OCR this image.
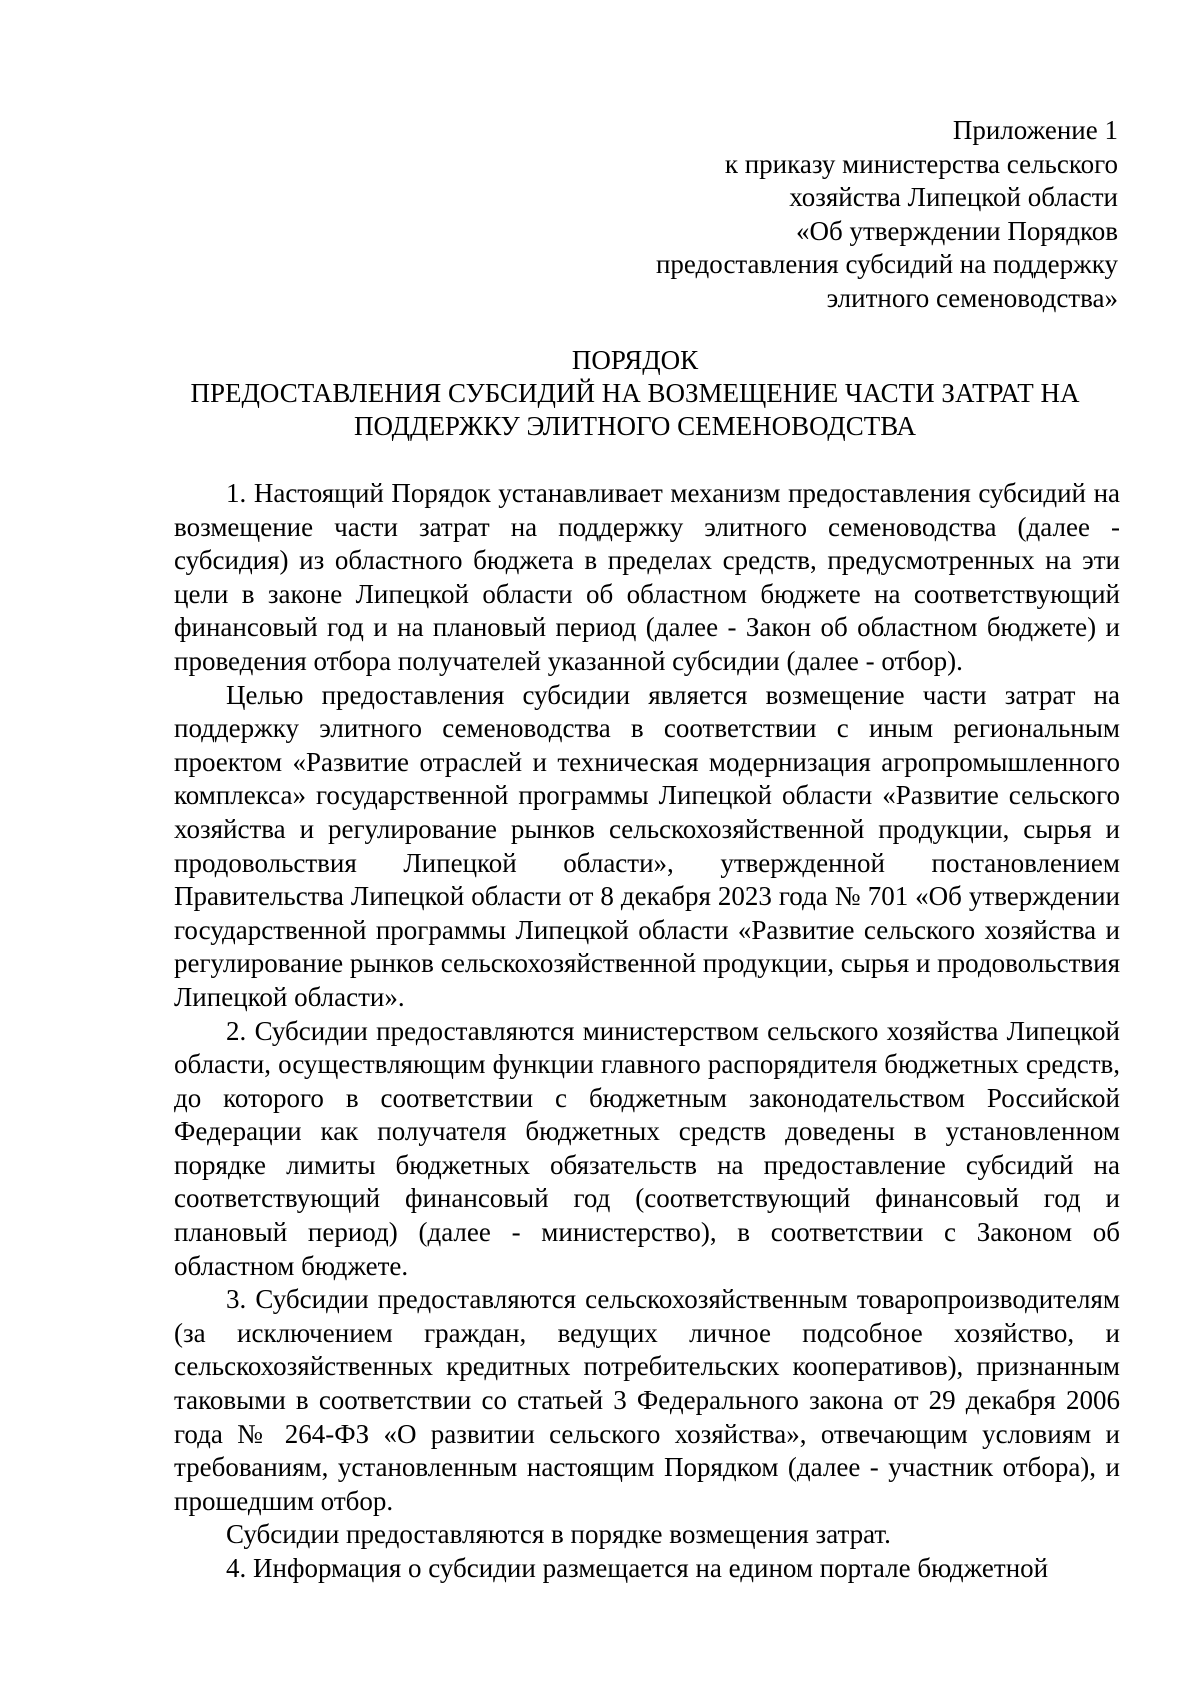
Приложение 1
к приказу министерства сельского
хозяйства Липецкой области
«Об утверждении Порядков
предоставления субсидий на поддержку
элитного семеноводства»
ПОРЯДОК
ПРЕДОСТАВЛЕНИЯ СУБСИДИЙ НА ВОЗМЕЩЕНИЕ ЧАСТИ ЗАТРАТ НА
ПОДДЕРЖКУ ЭЛИТНОГО СЕМЕНОВОДСТВА

1. Настоящий Порядок устанавливает механизм предоставления субсидий на возмещение части затрат на поддержку элитного семеноводства (далее - субсидия) из областного бюджета в пределах средств, предусмотренных на эти цели в законе Липецкой области об областном бюджете на соответствующий финансовый год и на плановый период (далее - Закон об областном бюджете) и проведения отбора получателей указанной субсидии (далее - отбор).

Целью предоставления субсидии является возмещение части затрат на поддержку элитного семеноводства в соответствии с иным региональным проектом «Развитие отраслей и техническая модернизация агропромышленного комплекса» государственной программы Липецкой области «Развитие сельского хозяйства и регулирование рынков сельскохозяйственной продукции, сырья и продовольствия Липецкой области», утвержденной постановлением Правительства Липецкой области от 8 декабря 2023 года № 701 «Об утверждении государственной программы Липецкой области «Развитие сельского хозяйства и регулирование рынков сельскохозяйственной продукции, сырья и продовольствия Липецкой области».

2. Субсидии предоставляются министерством сельского хозяйства Липецкой области, осуществляющим функции главного распорядителя бюджетных средств, до которого в соответствии с бюджетным законодательством Российской Федерации как получателя бюджетных средств доведены в установленном порядке лимиты бюджетных обязательств на предоставление субсидий на соответствующий финансовый год (соответствующий финансовый год и плановый период) (далее - министерство), в соответствии с Законом об областном бюджете.

3. Субсидии предоставляются сельскохозяйственным товаропроизводителям (за исключением граждан, ведущих личное подсобное хозяйство, и сельскохозяйственных кредитных потребительских кооперативов), признанным таковыми в соответствии со статьей 3 Федерального закона от 29 декабря 2006 года № 264-ФЗ «О развитии сельского хозяйства», отвечающим условиям и требованиям, установленным настоящим Порядком (далее - участник отбора), и прошедшим отбор.

Субсидии предоставляются в порядке возмещения затрат.

4. Информация о субсидии размещается на едином портале бюджетной
